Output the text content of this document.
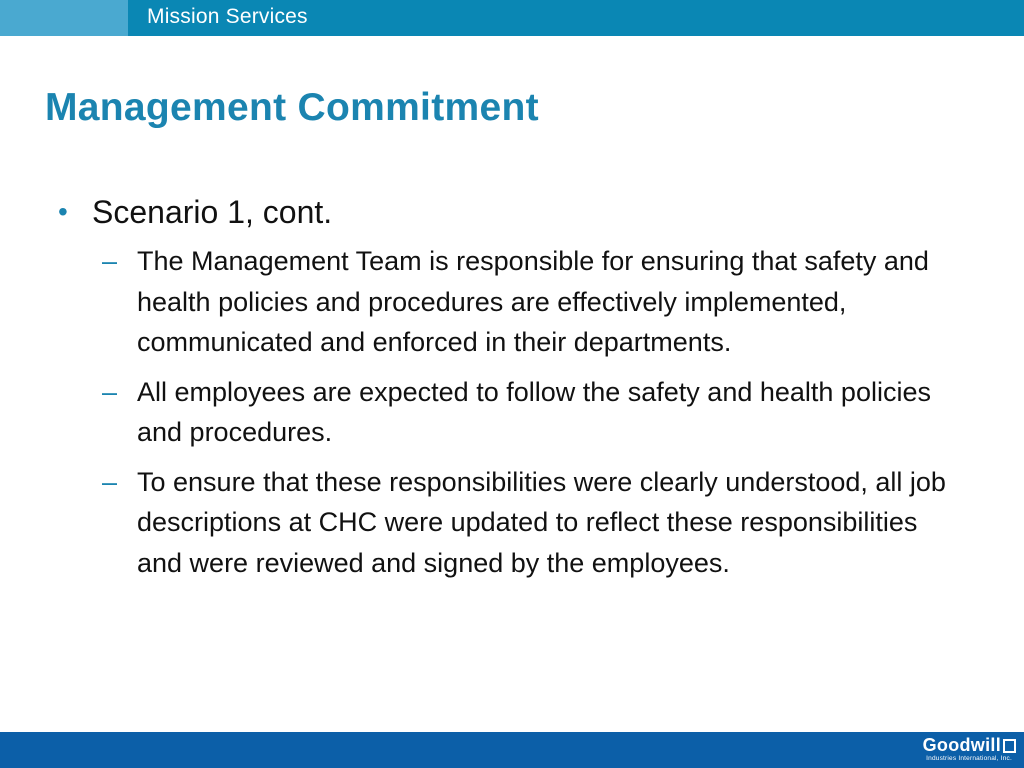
Mission Services
Management Commitment
• Scenario 1, cont.
– The Management Team is responsible for ensuring that safety and health policies and procedures are effectively implemented, communicated and enforced in their departments.
– All employees are expected to follow the safety and health policies and procedures.
– To ensure that these responsibilities were clearly understood, all job descriptions at CHC were updated to reflect these responsibilities and were reviewed and signed by the employees.
Goodwill
Industries International, Inc.
